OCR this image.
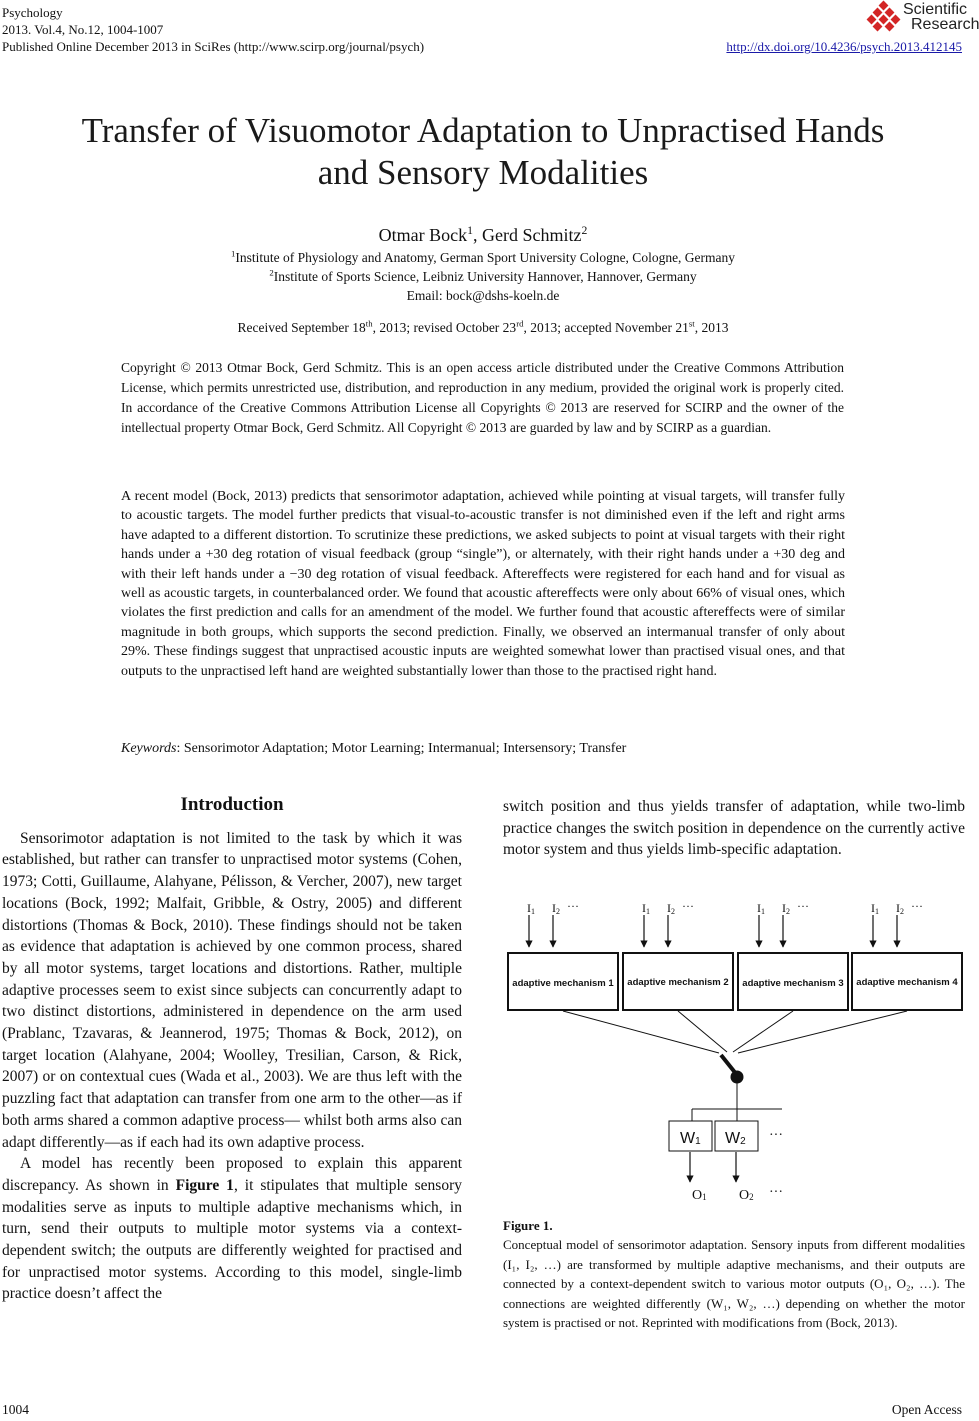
Psychology
2013. Vol.4, No.12, 1004-1007
Published Online December 2013 in SciRes (http://www.scirp.org/journal/psych)	http://dx.doi.org/10.4236/psych.2013.412145
Scientific
Research
Transfer of Visuomotor Adaptation to Unpractised Hands
and Sensory Modalities
Otmar Bock$^1$, Gerd Schmitz$^2$
$^1$Institute of Physiology and Anatomy, German Sport University Cologne, Cologne, Germany
$^2$Institute of Sports Science, Leibniz University Hannover, Hannover, Germany
Email: bock@dshs-koeln.de
Received September 18th, 2013; revised October 23rd, 2013; accepted November 21st, 2013
Copyright © 2013 Otmar Bock, Gerd Schmitz. This is an open access article distributed under the Creative Commons Attribution License, which permits unrestricted use, distribution, and reproduction in any medium, provided the original work is properly cited. In accordance of the Creative Commons Attribution License all Copyrights © 2013 are reserved for SCIRP and the owner of the intellectual property Otmar Bock, Gerd Schmitz. All Copyright © 2013 are guarded by law and by SCIRP as a guardian.
A recent model (Bock, 2013) predicts that sensorimotor adaptation, achieved while pointing at visual targets, will transfer fully to acoustic targets. The model further predicts that visual-to-acoustic transfer is not diminished even if the left and right arms have adapted to a different distortion. To scrutinize these predictions, we asked subjects to point at visual targets with their right hands under a +30 deg rotation of visual feedback (group “single”), or alternately, with their right hands under a +30 deg and with their left hands under a −30 deg rotation of visual feedback. Aftereffects were registered for each hand and for visual as well as acoustic targets, in counterbalanced order. We found that acoustic aftereffects were only about 66% of visual ones, which violates the first prediction and calls for an amendment of the model. We further found that acoustic aftereffects were of similar magnitude in both groups, which supports the second prediction. Finally, we observed an intermanual transfer of only about 29%. These findings suggest that unpractised acoustic inputs are weighted somewhat lower than practised visual ones, and that outputs to the unpractised left hand are weighted substantially lower than those to the practised right hand.
Keywords: Sensorimotor Adaptation; Motor Learning; Intermanual; Intersensory; Transfer
Introduction

Sensorimotor adaptation is not limited to the task by which it was established, but rather can transfer to unpractised motor systems (Cohen, 1973; Cotti, Guillaume, Alahyane, Pélisson, & Vercher, 2007), new target locations (Bock, 1992; Malfait, Gribble, & Ostry, 2005) and different distortions (Thomas & Bock, 2010). These findings should not be taken as evidence that adaptation is achieved by one common process, shared by all motor systems, target locations and distortions. Rather, multiple adaptive processes seem to exist since subjects can concurrently adapt to two distinct distortions, administered in dependence on the arm used (Prablanc, Tzavaras, & Jeannerod, 1975; Thomas & Bock, 2012), on target location (Alahyane, 2004; Woolley, Tresilian, Carson, & Rick, 2007) or on contextual cues (Wada et al., 2003). We are thus left with the puzzling fact that adaptation can transfer from one arm to the other—as if both arms shared a common adaptive process— whilst both arms also can adapt differently—as if each had its own adaptive process.

A model has recently been proposed to explain this apparent discrepancy. As shown in Figure 1, it stipulates that multiple sensory modalities serve as inputs to multiple adaptive mechanisms which, in turn, send their outputs to multiple motor systems via a context-dependent switch; the outputs are differently weighted for practised and for unpractised motor systems. According to this model, single-limb practice doesn’t affect the

switch position and thus yields transfer of adaptation, while two-limb practice changes the switch position in dependence on the currently active motor system and thus yields limb-specific adaptation.

I1 I2 ···	I1 I2 ···	I1 I2 ···	I1 I2 ···
adaptive mechanism 1 adaptive mechanism 2 adaptive mechanism 3 adaptive mechanism 4
W1 W2 ···
O1 O2 ···
Figure 1.
Conceptual model of sensorimotor adaptation. Sensory inputs from different modalities (I₁, I₂, …) are transformed by multiple adaptive mechanisms, and their outputs are connected by a context-dependent switch to various motor outputs (O₁, O₂, …). The connections are weighted differently (W₁, W₂, …) depending on whether the motor system is practised or not. Reprinted with modifications from (Bock, 2013).
1004	Open Access
